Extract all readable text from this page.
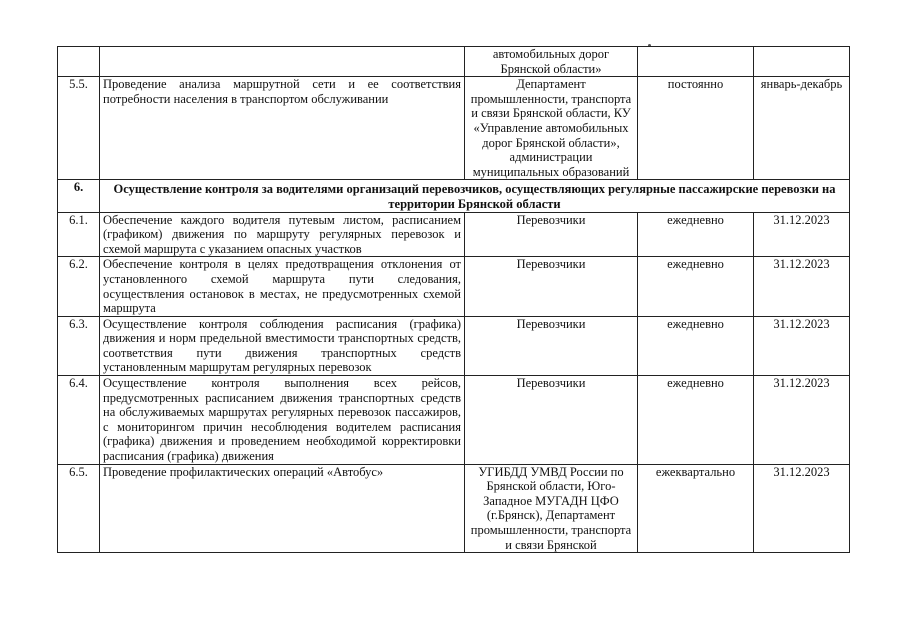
		автомобильных дорог Брянской области»		
5.5.	Проведение анализа маршрутной сети и ее соответствия потребности населения в транспортом обслуживании	Департамент промышленности, транспорта и связи Брянской области, КУ «Управление автомобильных дорог Брянской области», администрации муниципальных образований	постоянно	январь-декабрь
6.	Осуществление контроля за водителями организаций перевозчиков, осуществляющих регулярные пассажирские перевозки на территории Брянской области			
6.1.	Обеспечение каждого водителя путевым листом, расписанием (графиком) движения по маршруту регулярных перевозок и схемой маршрута с указанием опасных участков	Перевозчики	ежедневно	31.12.2023
6.2.	Обеспечение контроля в целях предотвращения отклонения от установленного схемой маршрута пути следования, осуществления остановок в местах, не предусмотренных схемой маршрута	Перевозчики	ежедневно	31.12.2023
6.3.	Осуществление контроля соблюдения расписания (графика) движения и норм предельной вместимости транспортных средств, соответствия пути движения транспортных средств установленным маршрутам регулярных перевозок	Перевозчики	ежедневно	31.12.2023
6.4.	Осуществление контроля выполнения всех рейсов, предусмотренных расписанием движения транспортных средств на обслуживаемых маршрутах регулярных перевозок пассажиров, с мониторингом причин несоблюдения водителем расписания (графика) движения и проведением необходимой корректировки расписания (графика) движения	Перевозчики	ежедневно	31.12.2023
6.5.	Проведение профилактических операций «Автобус»	УГИБДД УМВД России по Брянской области, Юго-Западное МУГАДН ЦФО (г.Брянск), Департамент промышленности, транспорта и связи Брянской	ежеквартально	31.12.2023
